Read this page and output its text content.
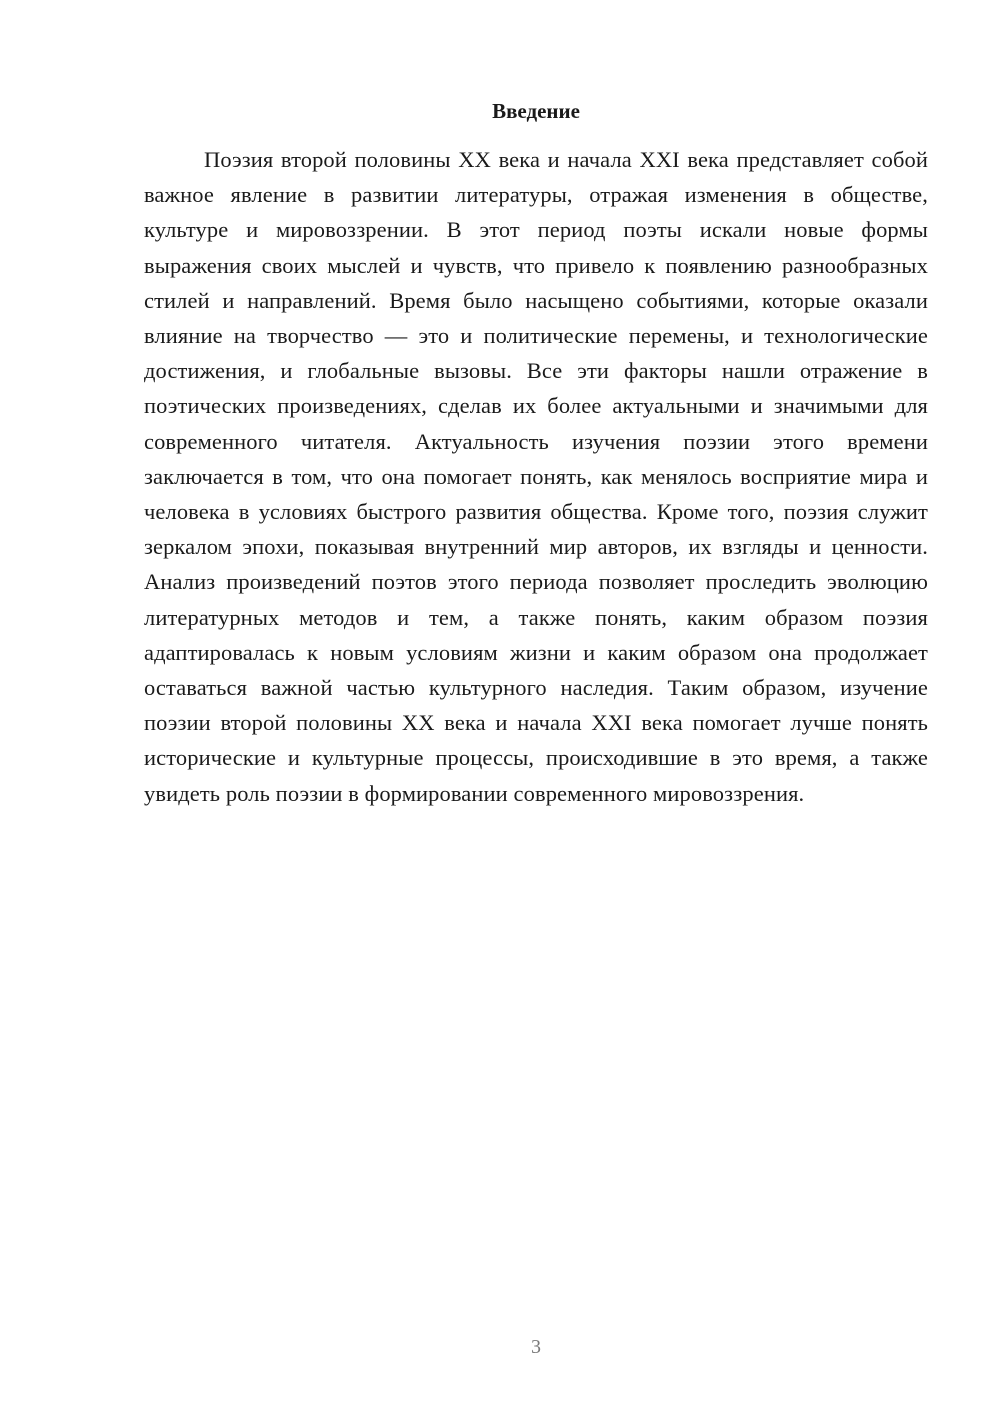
Введение

Поэзия второй половины XX века и начала XXI века представляет собой важное явление в развитии литературы, отражая изменения в обществе, культуре и мировоззрении. В этот период поэты искали новые формы выражения своих мыслей и чувств, что привело к появлению разнообразных стилей и направлений. Время было насыщено событиями, которые оказали влияние на творчество — это и политические перемены, и технологические достижения, и глобальные вызовы. Все эти факторы нашли отражение в поэтических произведениях, сделав их более актуальными и значимыми для современного читателя. Актуальность изучения поэзии этого времени заключается в том, что она помогает понять, как менялось восприятие мира и человека в условиях быстрого развития общества. Кроме того, поэзия служит зеркалом эпохи, показывая внутренний мир авторов, их взгляды и ценности. Анализ произведений поэтов этого периода позволяет проследить эволюцию литературных методов и тем, а также понять, каким образом поэзия адаптировалась к новым условиям жизни и каким образом она продолжает оставаться важной частью культурного наследия. Таким образом, изучение поэзии второй половины XX века и начала XXI века помогает лучше понять исторические и культурные процессы, происходившие в это время, а также увидеть роль поэзии в формировании современного мировоззрения.

3
